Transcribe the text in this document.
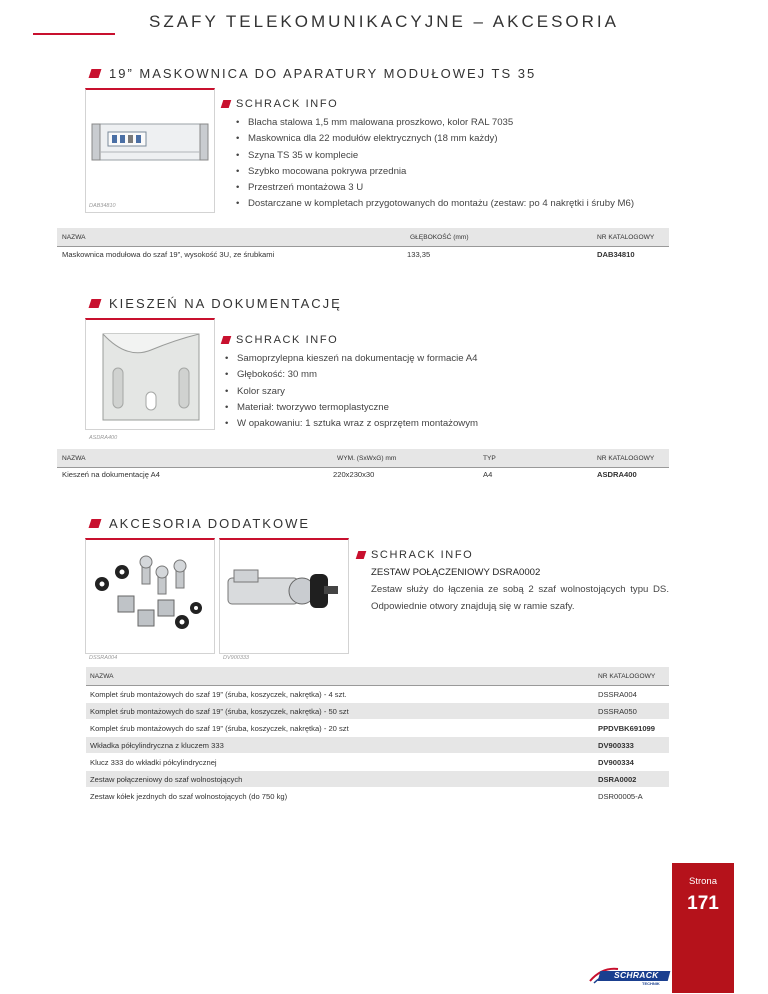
SZAFY TELEKOMUNIKACYJNE – AKCESORIA
19” MASKOWNICA DO APARATURY MODUŁOWEJ TS 35
DAB34810
SCHRACK INFO
• Blacha stalowa 1,5 mm malowana proszkowo, kolor RAL 7035
• Maskownica dla 22 modułów elektrycznych (18 mm każdy)
• Szyna TS 35 w komplecie
• Szybko mocowana pokrywa przednia
• Przestrzeń montażowa 3 U
• Dostarczane w kompletach przygotowanych do montażu (zestaw: po 4 nakrętki i śruby M6)
NAZWA	GŁĘBOKOŚĆ (mm)	NR KATALOGOWY
Maskownica modułowa do szaf 19”, wysokość 3U, ze śrubkami	133,35	DAB34810
KIESZEŃ NA DOKUMENTACJĘ
ASDRA400
SCHRACK INFO
• Samoprzylepna kieszeń na dokumentację w formacie A4
• Głębokość: 30 mm
• Kolor szary
• Materiał: tworzywo termoplastyczne
• W opakowaniu: 1 sztuka wraz z osprzętem montażowym
NAZWA	WYM. (SxWxG) mm	TYP	NR KATALOGOWY
Kieszeń na dokumentację A4	220x230x30	A4	ASDRA400
AKCESORIA DODATKOWE
DSSRA004	DV900333
SCHRACK INFO
ZESTAW POŁĄCZENIOWY DSRA0002
Zestaw służy do łączenia ze sobą 2 szaf wolnostojących typu DS. Odpowiednie otwory znajdują się w ramie szafy.
NAZWA	NR KATALOGOWY
Komplet śrub montażowych do szaf 19” (śruba, koszyczek, nakrętka) - 4 szt.	DSSRA004
Komplet śrub montażowych do szaf 19” (śruba, koszyczek, nakrętka) - 50 szt	DSSRA050
Komplet śrub montażowych do szaf 19” (śruba, koszyczek, nakrętka) - 20 szt	PPDVBK691099
Wkładka półcylindryczna z kluczem 333	DV900333
Klucz 333 do wkładki półcylindrycznej	DV900334
Zestaw połączeniowy do szaf wolnostojących	DSRA0002
Zestaw kółek jezdnych do szaf wolnostojących (do 750 kg)	DSR00005-A
Strona
171
SCHRACK
TECHNIK
